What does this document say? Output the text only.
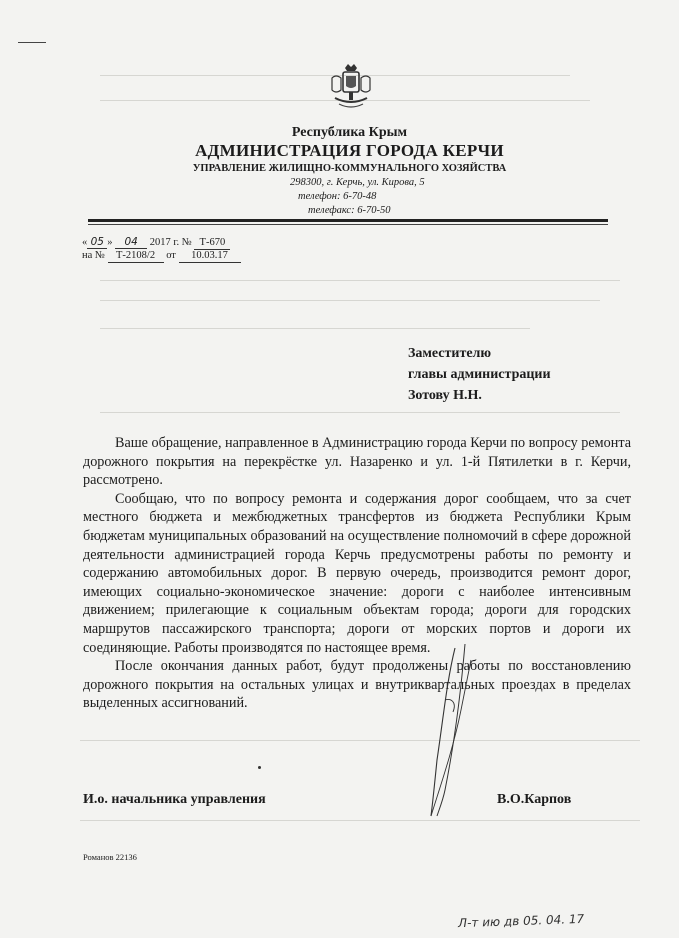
Республика Крым
АДМИНИСТРАЦИЯ ГОРОДА КЕРЧИ
УПРАВЛЕНИЕ ЖИЛИЩНО-КОММУНАЛЬНОГО ХОЗЯЙСТВА
298300, г. Керчь, ул. Кирова, 5
телефон: 6-70-48
телефакс: 6-70-50
« 05 » 04 2017 г. № Т-670
на № Т-2108/2 от 10.03.17
Заместителю
главы администрации
Зотову Н.Н.

Ваше обращение, направленное в Администрацию города Керчи по вопросу ремонта дорожного покрытия на перекрёстке ул. Назаренко и ул. 1-й Пятилетки в г. Керчи, рассмотрено.

Сообщаю, что по вопросу ремонта и содержания дорог сообщаем, что за счет местного бюджета и межбюджетных трансфертов из бюджета Республики Крым бюджетам муниципальных образований на осуществление полномочий в сфере дорожной деятельности администрацией города Керчь предусмотрены работы по ремонту и содержанию автомобильных дорог. В первую очередь, производится ремонт дорог, имеющих социально-экономическое значение: дороги с наиболее интенсивным движением; прилегающие к социальным объектам города; дороги для городских маршрутов пассажирского транспорта; дороги от морских портов и дороги их соединяющие. Работы производятся по настоящее время.

После окончания данных работ, будут продолжены работы по восстановлению дорожного покрытия на остальных улицах и внутриквартальных проездах в пределах выделенных ассигнований.

И.о. начальника управления	В.О.Карпов
Романов 22136
Л-т ию дв 05. 04. 17
